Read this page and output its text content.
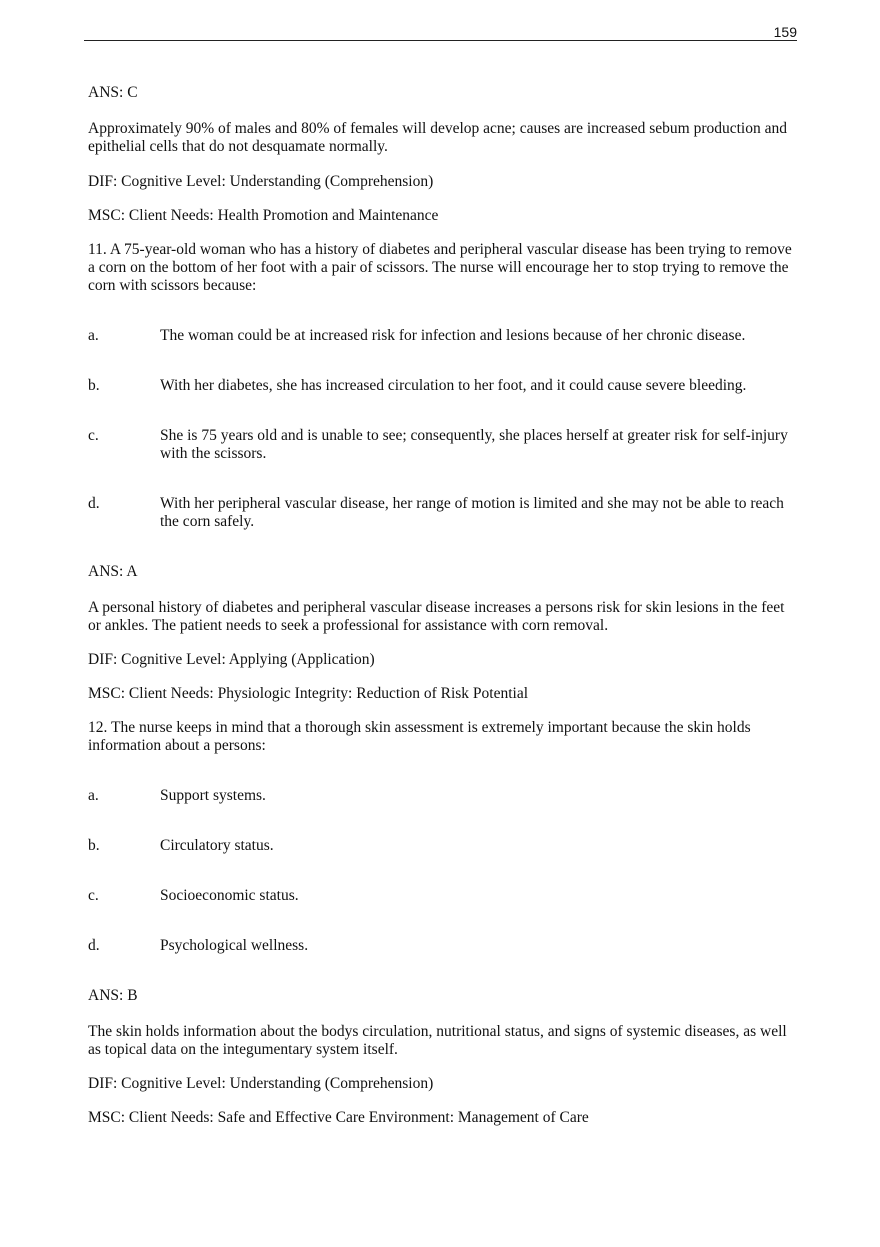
159
ANS: C
Approximately 90% of males and 80% of females will develop acne; causes are increased sebum production and epithelial cells that do not desquamate normally.
DIF: Cognitive Level: Understanding (Comprehension)
MSC: Client Needs: Health Promotion and Maintenance
11. A 75-year-old woman who has a history of diabetes and peripheral vascular disease has been trying to remove a corn on the bottom of her foot with a pair of scissors. The nurse will encourage her to stop trying to remove the corn with scissors because:
a.	The woman could be at increased risk for infection and lesions because of her chronic disease.
b.	With her diabetes, she has increased circulation to her foot, and it could cause severe bleeding.
c.	She is 75 years old and is unable to see; consequently, she places herself at greater risk for self-injury with the scissors.
d.	With her peripheral vascular disease, her range of motion is limited and she may not be able to reach the corn safely.
ANS: A
A personal history of diabetes and peripheral vascular disease increases a persons risk for skin lesions in the feet or ankles. The patient needs to seek a professional for assistance with corn removal.
DIF: Cognitive Level: Applying (Application)
MSC: Client Needs: Physiologic Integrity: Reduction of Risk Potential
12. The nurse keeps in mind that a thorough skin assessment is extremely important because the skin holds information about a persons:
a.	Support systems.
b.	Circulatory status.
c.	Socioeconomic status.
d.	Psychological wellness.
ANS: B
The skin holds information about the bodys circulation, nutritional status, and signs of systemic diseases, as well as topical data on the integumentary system itself.
DIF: Cognitive Level: Understanding (Comprehension)
MSC: Client Needs: Safe and Effective Care Environment: Management of Care
